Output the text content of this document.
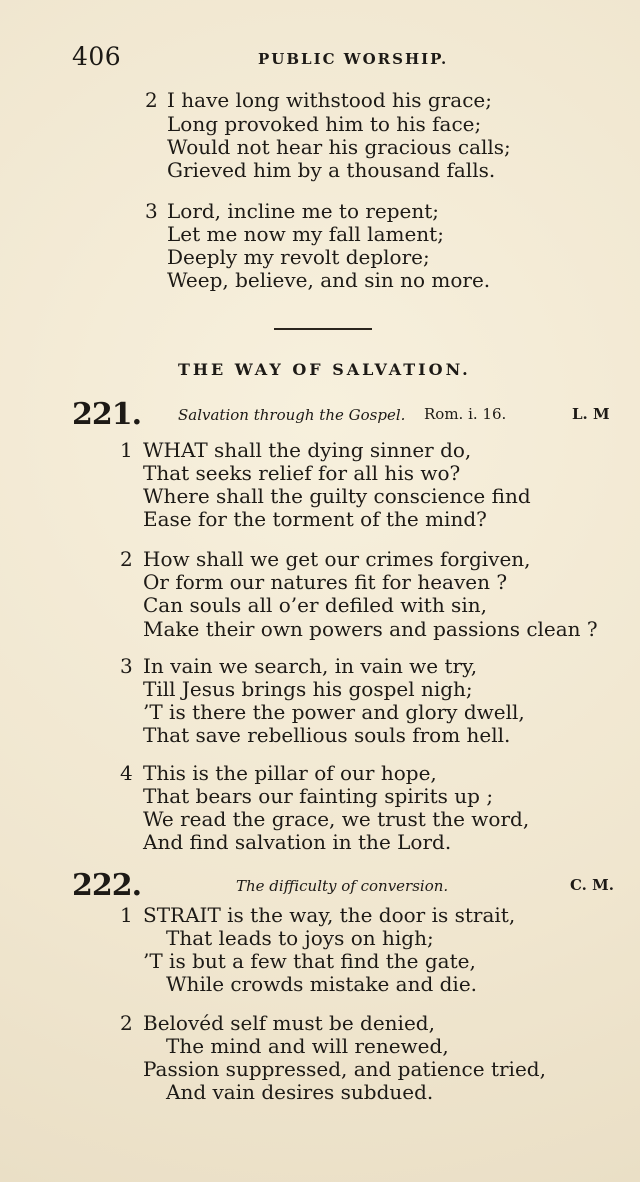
406	PUBLIC WORSHIP.
2 I have long withstood his grace;
Long provoked him to his face;
Would not hear his gracious calls;
Grieved him by a thousand falls.
3 Lord, incline me to repent;
Let me now my fall lament;
Deeply my revolt deplore;
Weep, believe, and sin no more.
THE WAY OF SALVATION.
221. Salvation through the Gospel. Rom. i. 16.	L. M
1 WHAT shall the dying sinner do,
That seeks relief for all his wo?
Where shall the guilty conscience find
Ease for the torment of the mind?
2 How shall we get our crimes forgiven,
Or form our natures fit for heaven ?
Can souls all o’er defiled with sin,
Make their own powers and passions clean ?
3 In vain we search, in vain we try,
Till Jesus brings his gospel nigh;
’T is there the power and glory dwell,
That save rebellious souls from hell.
4 This is the pillar of our hope,
That bears our fainting spirits up ;
We read the grace, we trust the word,
And find salvation in the Lord.
222.	The difficulty of conversion.	C. M.
1 STRAIT is the way, the door is strait,
That leads to joys on high;
’T is but a few that find the gate,
While crowds mistake and die.
2 Belovéd self must be denied,
The mind and will renewed,
Passion suppressed, and patience tried,
And vain desires subdued.
